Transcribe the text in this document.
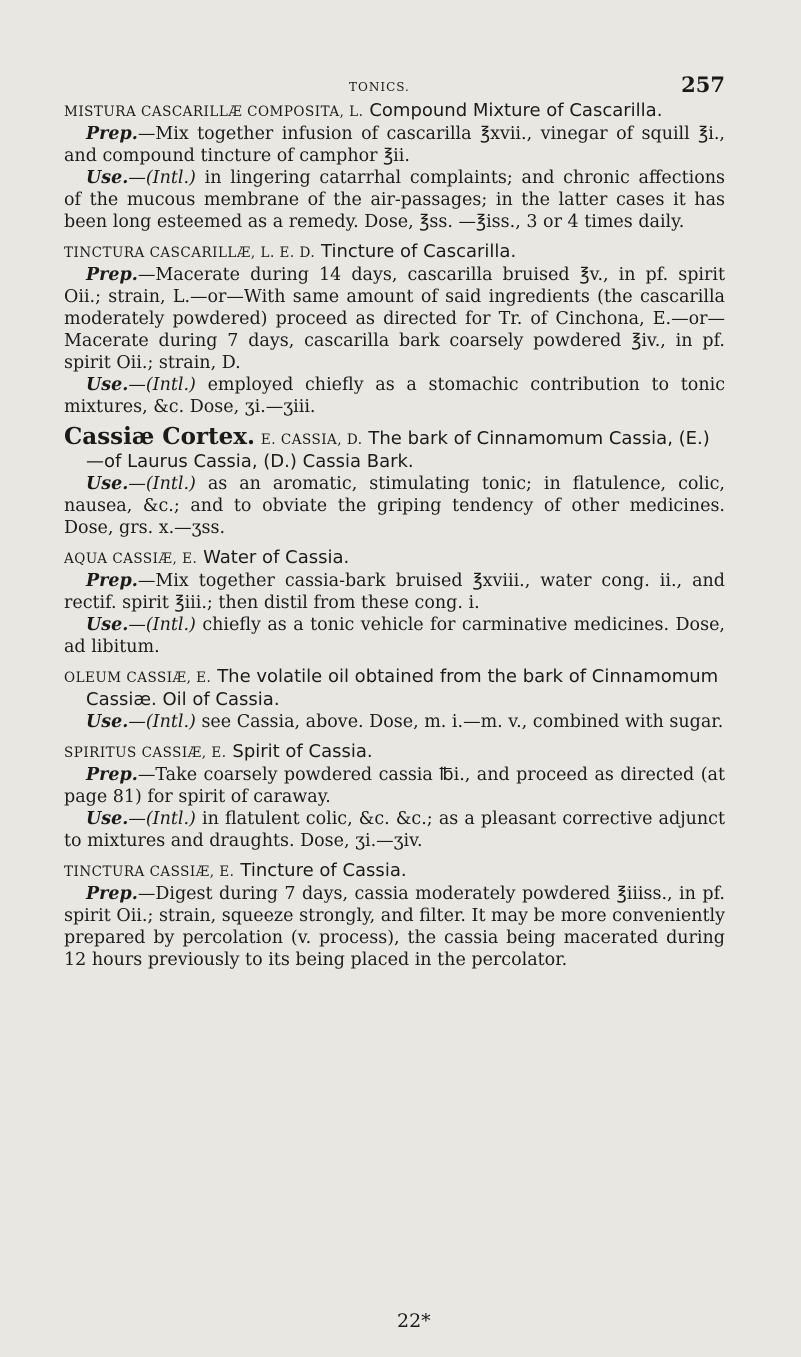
TONICS.	257
MISTURA CASCARILLÆ COMPOSITA, L. Compound Mixture of Cascarilla.

Prep.—Mix together infusion of cascarilla ℥xvii., vinegar of squill ℥i., and compound tincture of camphor ℥ii.

Use.—(Intl.) in lingering catarrhal complaints; and chronic affections of the mucous membrane of the air-passages; in the latter cases it has been long esteemed as a remedy. Dose, ℥ss. —℥iss., 3 or 4 times daily.

TINCTURA CASCARILLÆ, L. E. D. Tincture of Cascarilla.

Prep.—Macerate during 14 days, cascarilla bruised ℥v., in pf. spirit Oii.; strain, L.—or—With same amount of said ingredients (the cascarilla moderately powdered) proceed as directed for Tr. of Cinchona, E.—or—Macerate during 7 days, cascarilla bark coarsely powdered ℥iv., in pf. spirit Oii.; strain, D.

Use.—(Intl.) employed chiefly as a stomachic contribution to tonic mixtures, &c. Dose, ʒi.—ʒiii.

Cassiæ Cortex. E. CASSIA, D. The bark of Cinnamomum Cassia, (E.)—of Laurus Cassia, (D.) Cassia Bark.

Use.—(Intl.) as an aromatic, stimulating tonic; in flatulence, colic, nausea, &c.; and to obviate the griping tendency of other medicines. Dose, grs. x.—ʒss.

AQUA CASSIÆ, E. Water of Cassia.

Prep.—Mix together cassia-bark bruised ℥xviii., water cong. ii., and rectif. spirit ℥iii.; then distil from these cong. i.

Use.—(Intl.) chiefly as a tonic vehicle for carminative medicines. Dose, ad libitum.

OLEUM CASSIÆ, E. The volatile oil obtained from the bark of Cinnamomum Cassiæ. Oil of Cassia.

Use.—(Intl.) see Cassia, above. Dose, m. i.—m. v., combined with sugar.

SPIRITUS CASSIÆ, E. Spirit of Cassia.

Prep.—Take coarsely powdered cassia ℔i., and proceed as directed (at page 81) for spirit of caraway.

Use.—(Intl.) in flatulent colic, &c. &c.; as a pleasant corrective adjunct to mixtures and draughts. Dose, ʒi.—ʒiv.

TINCTURA CASSIÆ, E. Tincture of Cassia.

Prep.—Digest during 7 days, cassia moderately powdered ℥iiiss., in pf. spirit Oii.; strain, squeeze strongly, and filter. It may be more conveniently prepared by percolation (v. process), the cassia being macerated during 12 hours previously to its being placed in the percolator.

22*
